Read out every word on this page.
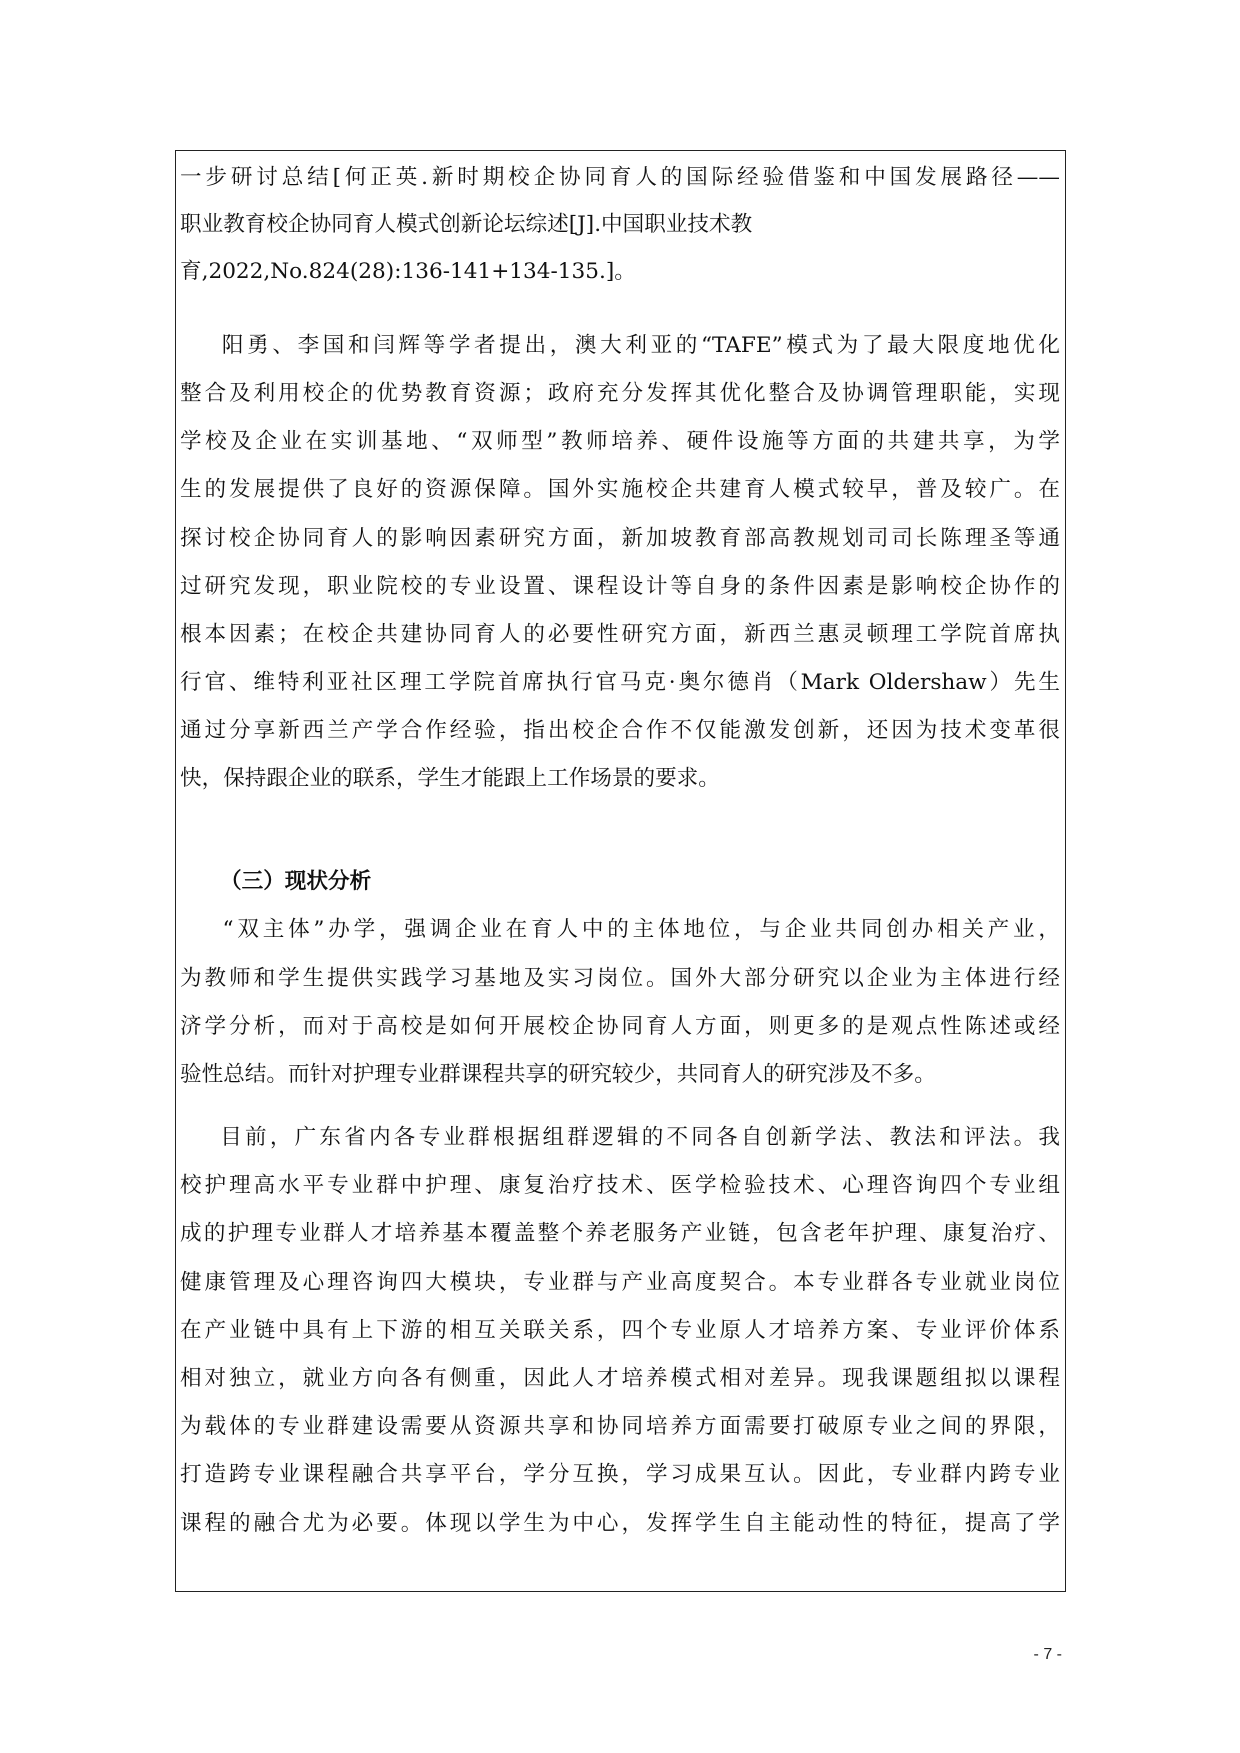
一步研讨总结[何正英.新时期校企协同育人的国际经验借鉴和中国发展路径——

职业教育校企协同育人模式创新论坛综述[J].中国职业技术教

育,2022,No.824(28):136-141+134-135.]。

阳勇、李国和闫辉等学者提出，澳大利亚的“TAFE”模式为了最大限度地优化

整合及利用校企的优势教育资源；政府充分发挥其优化整合及协调管理职能，实现

学校及企业在实训基地、“双师型”教师培养、硬件设施等方面的共建共享，为学

生的发展提供了良好的资源保障。国外实施校企共建育人模式较早，普及较广。在

探讨校企协同育人的影响因素研究方面，新加坡教育部高教规划司司长陈理圣等通

过研究发现，职业院校的专业设置、课程设计等自身的条件因素是影响校企协作的

根本因素；在校企共建协同育人的必要性研究方面，新西兰惠灵顿理工学院首席执

行官、维特利亚社区理工学院首席执行官马克·奥尔德肖（Mark Oldershaw）先生

通过分享新西兰产学合作经验，指出校企合作不仅能激发创新，还因为技术变革很

快，保持跟企业的联系，学生才能跟上工作场景的要求。

（三）现状分析

“双主体”办学，强调企业在育人中的主体地位，与企业共同创办相关产业，

为教师和学生提供实践学习基地及实习岗位。国外大部分研究以企业为主体进行经

济学分析，而对于高校是如何开展校企协同育人方面，则更多的是观点性陈述或经

验性总结。而针对护理专业群课程共享的研究较少，共同育人的研究涉及不多。

目前，广东省内各专业群根据组群逻辑的不同各自创新学法、教法和评法。我

校护理高水平专业群中护理、康复治疗技术、医学检验技术、心理咨询四个专业组

成的护理专业群人才培养基本覆盖整个养老服务产业链，包含老年护理、康复治疗、

健康管理及心理咨询四大模块，专业群与产业高度契合。本专业群各专业就业岗位

在产业链中具有上下游的相互关联关系，四个专业原人才培养方案、专业评价体系

相对独立，就业方向各有侧重，因此人才培养模式相对差异。现我课题组拟以课程

为载体的专业群建设需要从资源共享和协同培养方面需要打破原专业之间的界限，

打造跨专业课程融合共享平台，学分互换，学习成果互认。因此，专业群内跨专业

课程的融合尤为必要。体现以学生为中心，发挥学生自主能动性的特征，提高了学

- 7 -
